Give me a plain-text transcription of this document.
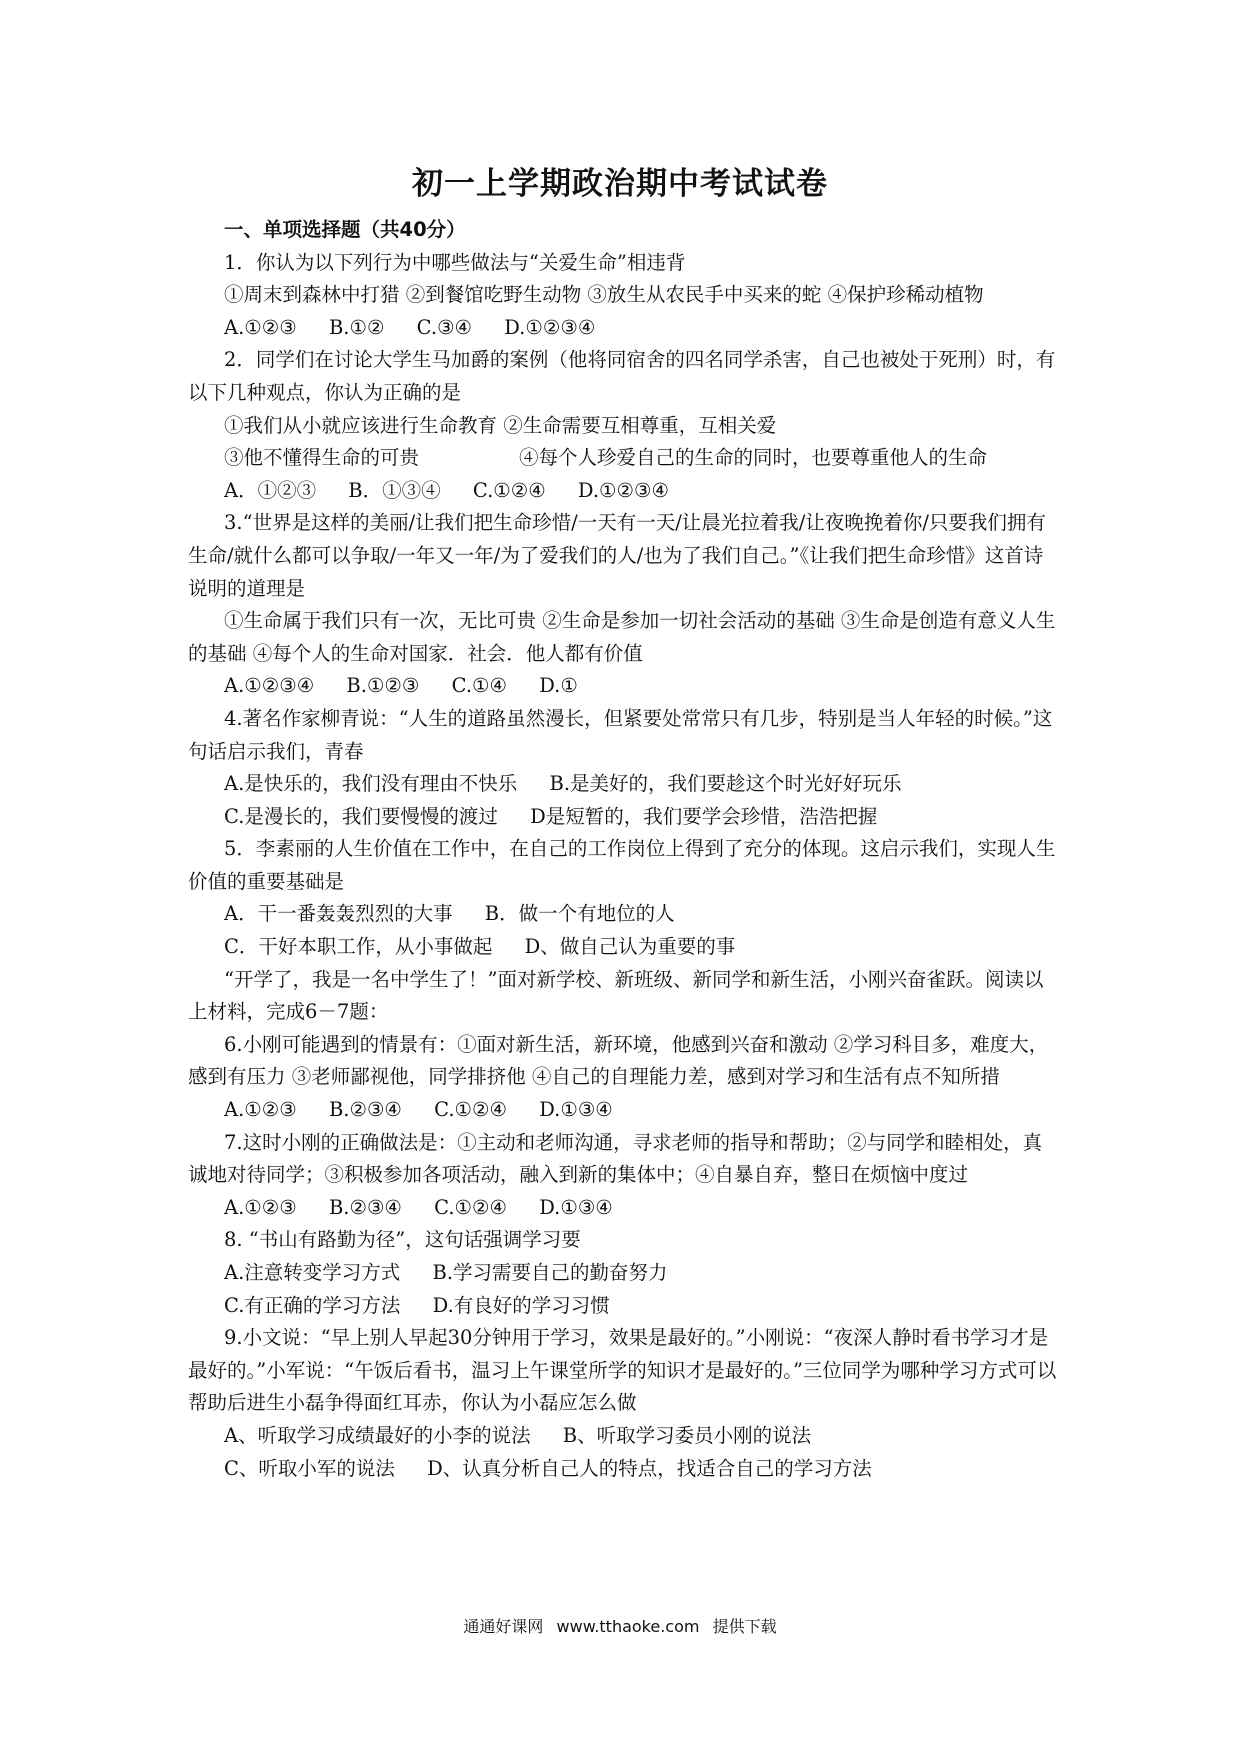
初一上学期政治期中考试试卷
一、单项选择题（共40分）

1．你认为以下列行为中哪些做法与“关爱生命”相违背

①周末到森林中打猎 ②到餐馆吃野生动物 ③放生从农民手中买来的蛇 ④保护珍稀动植物

A.①②③ B.①② C.③④ D.①②③④

2．同学们在讨论大学生马加爵的案例（他将同宿舍的四名同学杀害，自己也被处于死刑）时，有以下几种观点，你认为正确的是

①我们从小就应该进行生命教育 ②生命需要互相尊重，互相关爱
③他不懂得生命的可贵	④每个人珍爱自己的生命的同时，也要尊重他人的生命
A．①②③ B．①③④ C.①②④ D.①②③④

3.“世界是这样的美丽/让我们把生命珍惜/一天有一天/让晨光拉着我/让夜晚挽着你/只要我们拥有生命/就什么都可以争取/一年又一年/为了爱我们的人/也为了我们自己。”《让我们把生命珍惜》这首诗说明的道理是

①生命属于我们只有一次，无比可贵 ②生命是参加一切社会活动的基础 ③生命是创造有意义人生的基础 ④每个人的生命对国家．社会．他人都有价值

A.①②③④ B.①②③ C.①④ D.①

4.著名作家柳青说：“人生的道路虽然漫长，但紧要处常常只有几步，特别是当人年轻的时候。”这句话启示我们，青春

A.是快乐的，我们没有理由不快乐 B.是美好的，我们要趁这个时光好好玩乐
C.是漫长的，我们要慢慢的渡过 D是短暂的，我们要学会珍惜，浩浩把握

5．李素丽的人生价值在工作中，在自己的工作岗位上得到了充分的体现。这启示我们，实现人生价值的重要基础是

A．干一番轰轰烈烈的大事 B．做一个有地位的人
C．干好本职工作，从小事做起 D、做自己认为重要的事

“开学了，我是一名中学生了！”面对新学校、新班级、新同学和新生活，小刚兴奋雀跃。阅读以上材料，完成6－7题：

6.小刚可能遇到的情景有：①面对新生活，新环境，他感到兴奋和激动 ②学习科目多，难度大，感到有压力 ③老师鄙视他，同学排挤他 ④自己的自理能力差，感到对学习和生活有点不知所措

A.①②③ B.②③④ C.①②④ D.①③④

7.这时小刚的正确做法是：①主动和老师沟通，寻求老师的指导和帮助；②与同学和睦相处，真诚地对待同学；③积极参加各项活动，融入到新的集体中；④自暴自弃，整日在烦恼中度过

A.①②③ B.②③④ C.①②④ D.①③④

8. “书山有路勤为径”，这句话强调学习要

A.注意转变学习方式 B.学习需要自己的勤奋努力
C.有正确的学习方法 D.有良好的学习习惯

9.小文说：“早上别人早起30分钟用于学习，效果是最好的。”小刚说：“夜深人静时看书学习才是最好的。”小军说：“午饭后看书，温习上午课堂所学的知识才是最好的。”三位同学为哪种学习方式可以帮助后进生小磊争得面红耳赤，你认为小磊应怎么做

A、听取学习成绩最好的小李的说法 B、听取学习委员小刚的说法
C、听取小军的说法 D、认真分析自己人的特点，找适合自己的学习方法
通通好课网 www.tthaoke.com 提供下载
